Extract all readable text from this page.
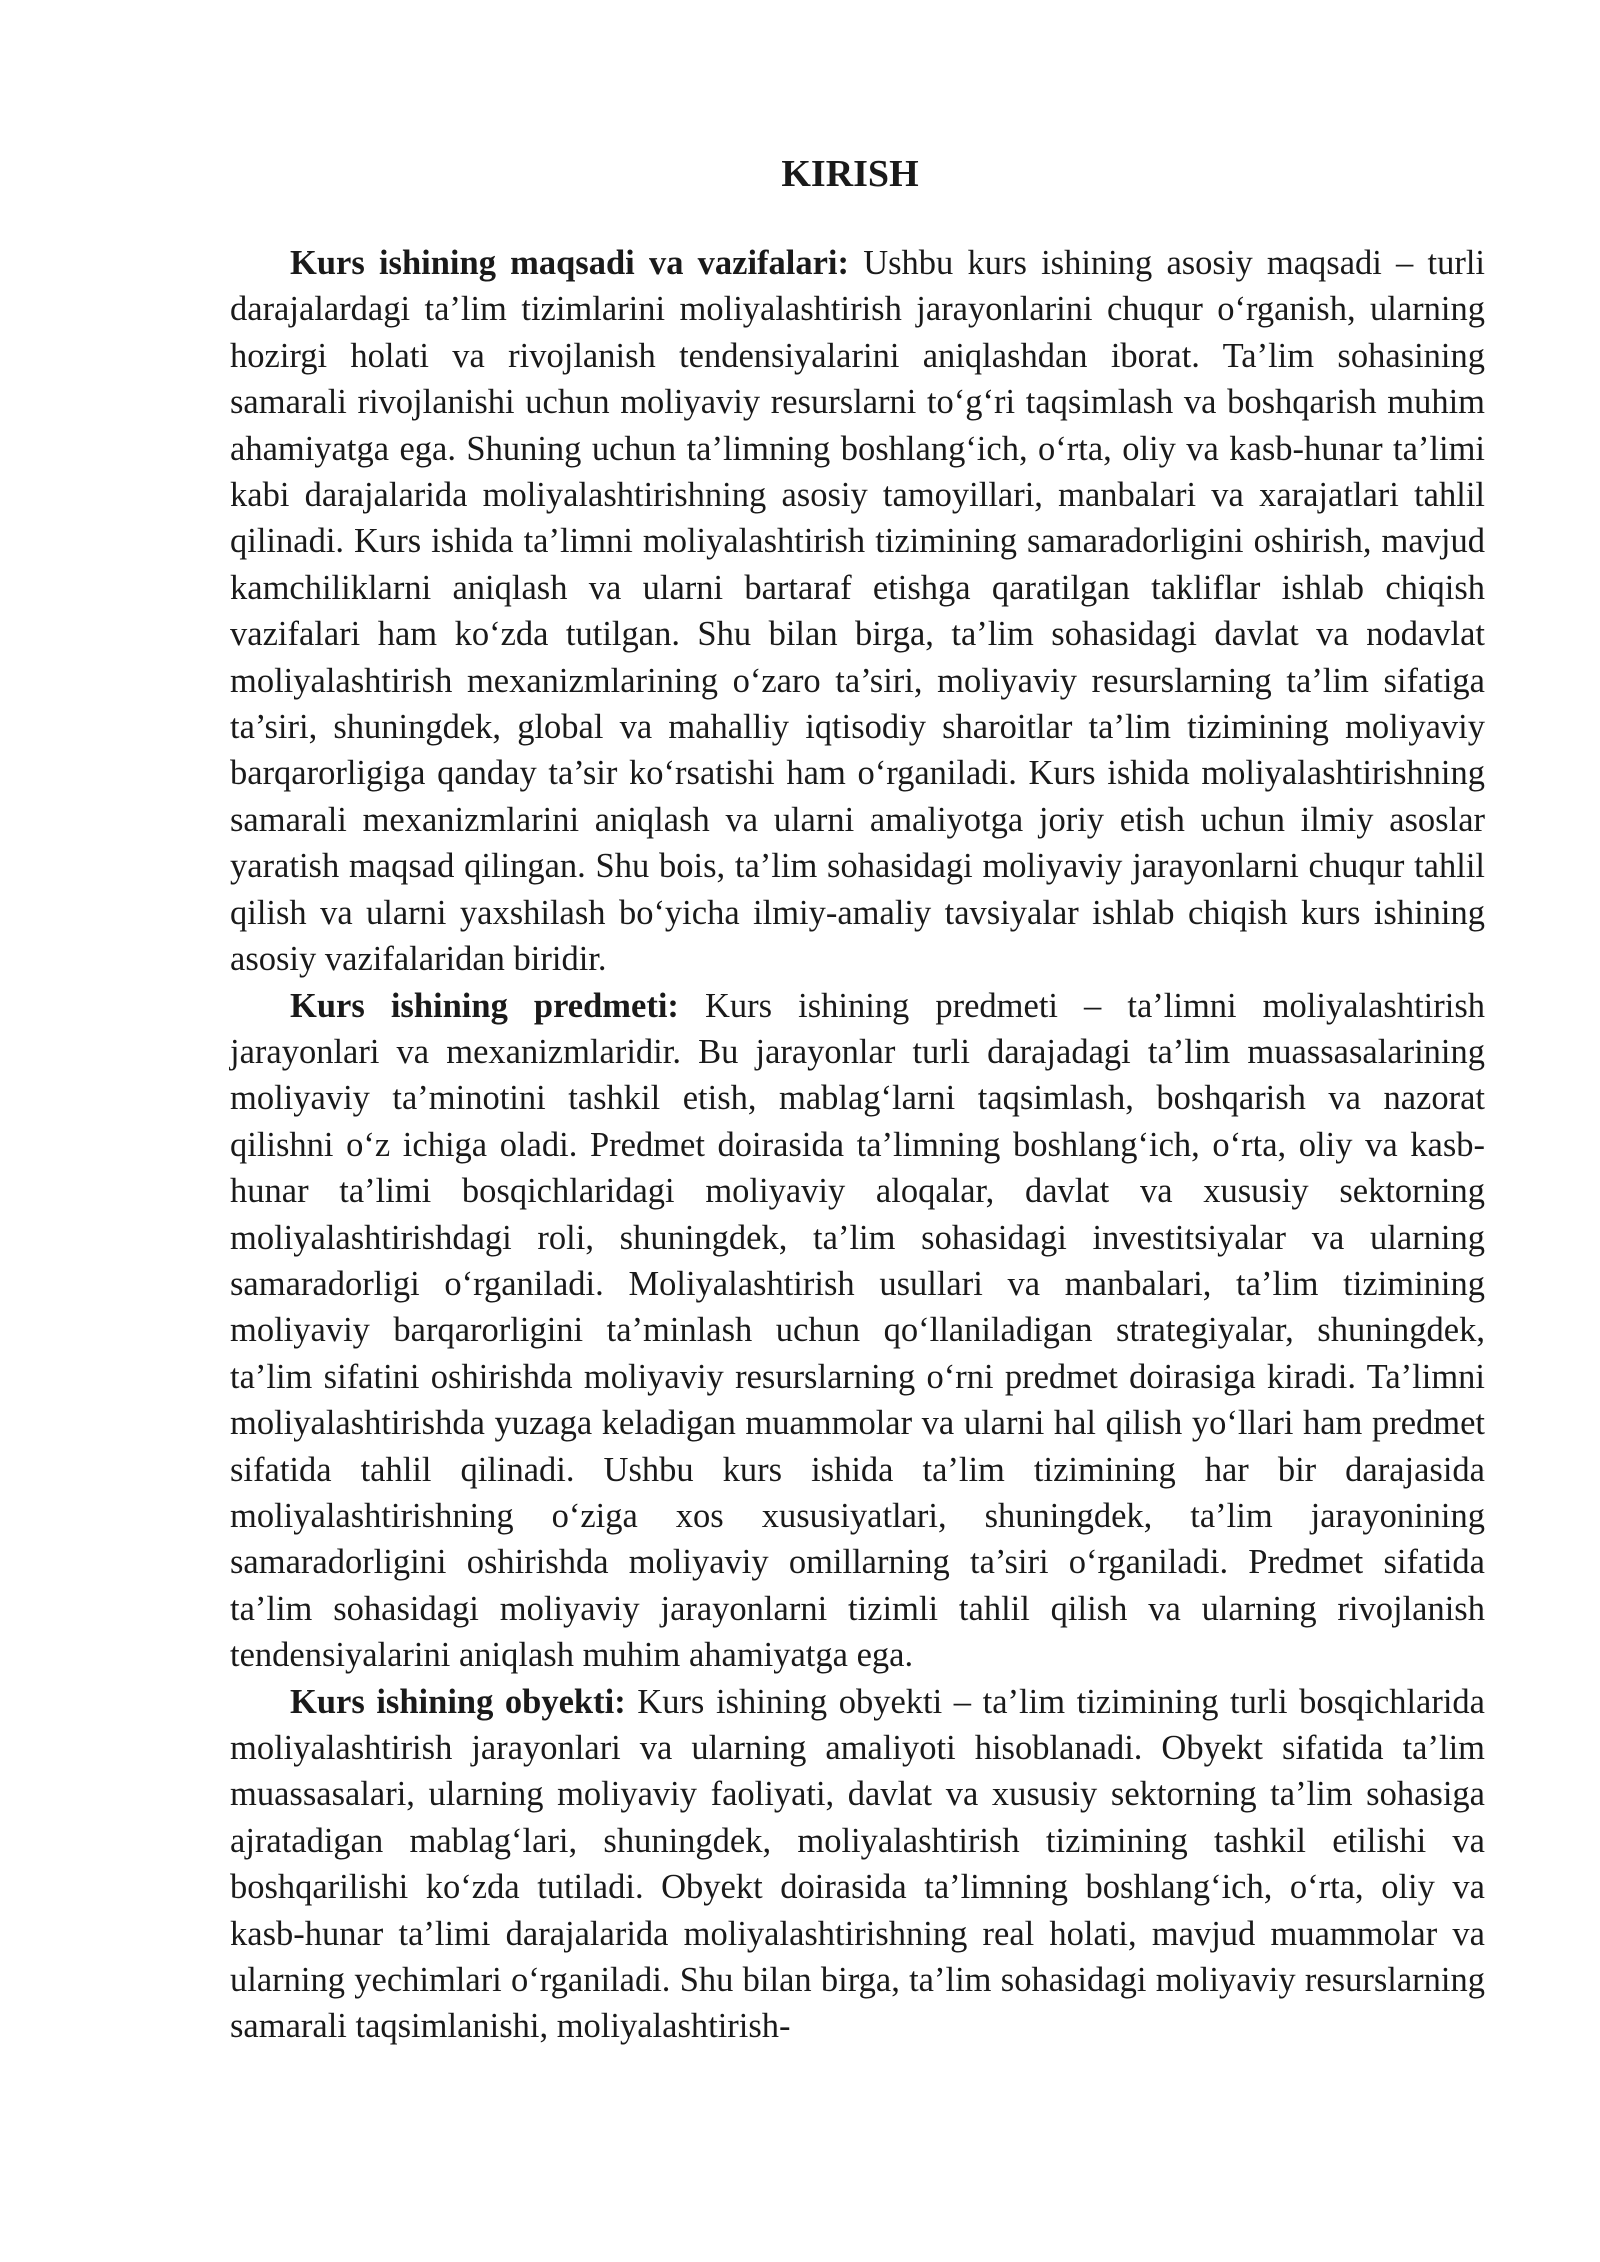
KIRISH

Kurs ishining maqsadi va vazifalari: Ushbu kurs ishining asosiy maqsadi – turli darajalardagi ta’lim tizimlarini moliyalashtirish jarayonlarini chuqur o‘rganish, ularning hozirgi holati va rivojlanish tendensiyalarini aniqlashdan iborat. Ta’lim sohasining samarali rivojlanishi uchun moliyaviy resurslarni to‘g‘ri taqsimlash va boshqarish muhim ahamiyatga ega. Shuning uchun ta’limning boshlang‘ich, o‘rta, oliy va kasb-hunar ta’limi kabi darajalarida moliyalashtirishning asosiy tamoyillari, manbalari va xarajatlari tahlil qilinadi. Kurs ishida ta’limni moliyalashtirish tizimining samaradorligini oshirish, mavjud kamchiliklarni aniqlash va ularni bartaraf etishga qaratilgan takliflar ishlab chiqish vazifalari ham ko‘zda tutilgan. Shu bilan birga, ta’lim sohasidagi davlat va nodavlat moliyalashtirish mexanizmlarining o‘zaro ta’siri, moliyaviy resurslarning ta’lim sifatiga ta’siri, shuningdek, global va mahalliy iqtisodiy sharoitlar ta’lim tizimining moliyaviy barqarorligiga qanday ta’sir ko‘rsatishi ham o‘rganiladi. Kurs ishida moliyalashtirishning samarali mexanizmlarini aniqlash va ularni amaliyotga joriy etish uchun ilmiy asoslar yaratish maqsad qilingan. Shu bois, ta’lim sohasidagi moliyaviy jarayonlarni chuqur tahlil qilish va ularni yaxshilash bo‘yicha ilmiy-amaliy tavsiyalar ishlab chiqish kurs ishining asosiy vazifalaridan biridir.

Kurs ishining predmeti: Kurs ishining predmeti – ta’limni moliyalashtirish jarayonlari va mexanizmlaridir. Bu jarayonlar turli darajadagi ta’lim muassasalarining moliyaviy ta’minotini tashkil etish, mablag‘larni taqsimlash, boshqarish va nazorat qilishni o‘z ichiga oladi. Predmet doirasida ta’limning boshlang‘ich, o‘rta, oliy va kasb-hunar ta’limi bosqichlaridagi moliyaviy aloqalar, davlat va xususiy sektorning moliyalashtirishdagi roli, shuningdek, ta’lim sohasidagi investitsiyalar va ularning samaradorligi o‘rganiladi. Moliyalashtirish usullari va manbalari, ta’lim tizimining moliyaviy barqarorligini ta’minlash uchun qo‘llaniladigan strategiyalar, shuningdek, ta’lim sifatini oshirishda moliyaviy resurslarning o‘rni predmet doirasiga kiradi. Ta’limni moliyalashtirishda yuzaga keladigan muammolar va ularni hal qilish yo‘llari ham predmet sifatida tahlil qilinadi. Ushbu kurs ishida ta’lim tizimining har bir darajasida moliyalashtirishning o‘ziga xos xususiyatlari, shuningdek, ta’lim jarayonining samaradorligini oshirishda moliyaviy omillarning ta’siri o‘rganiladi. Predmet sifatida ta’lim sohasidagi moliyaviy jarayonlarni tizimli tahlil qilish va ularning rivojlanish tendensiyalarini aniqlash muhim ahamiyatga ega.

Kurs ishining obyekti: Kurs ishining obyekti – ta’lim tizimining turli bosqichlarida moliyalashtirish jarayonlari va ularning amaliyoti hisoblanadi. Obyekt sifatida ta’lim muassasalari, ularning moliyaviy faoliyati, davlat va xususiy sektorning ta’lim sohasiga ajratadigan mablag‘lari, shuningdek, moliyalashtirish tizimining tashkil etilishi va boshqarilishi ko‘zda tutiladi. Obyekt doirasida ta’limning boshlang‘ich, o‘rta, oliy va kasb-hunar ta’limi darajalarida moliyalashtirishning real holati, mavjud muammolar va ularning yechimlari o‘rganiladi. Shu bilan birga, ta’lim sohasidagi moliyaviy resurslarning samarali taqsimlanishi, moliyalashtirish-
